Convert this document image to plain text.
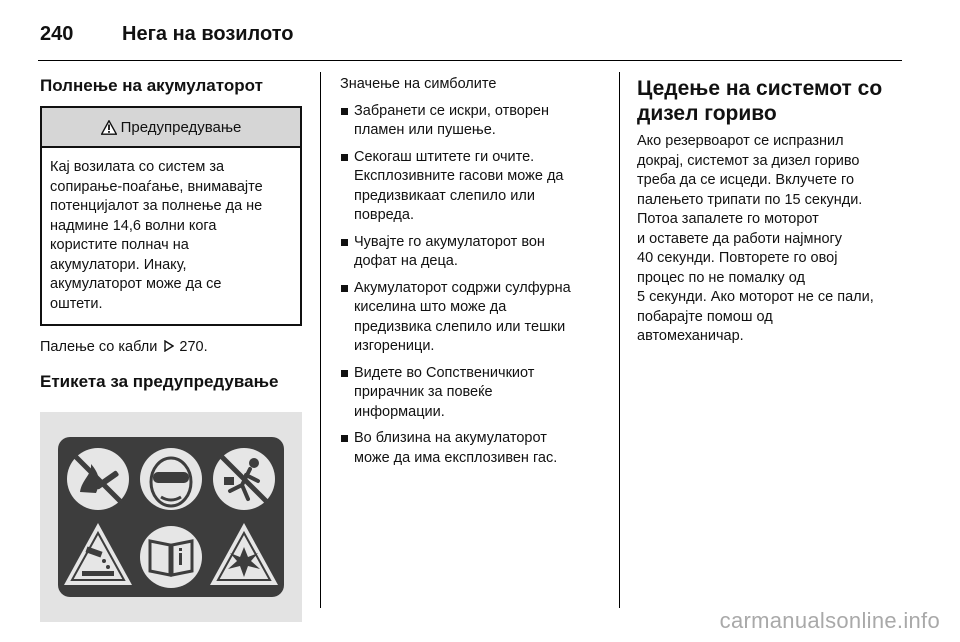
240	Нега на возилото
Полнење на акумулаторот
Предупредување
Кај возилата со систем за
сопирање-поаѓање, внимавајте
потенцијалот за полнење да не
надмине 14,6 волни кога
користите полнач на
акумулатори. Инаку,
акумулаторот може да се
оштети.

Палење со кабли 270.

Етикета за предупредување
Значење на симболите
Забранети се искри, отворен
пламен или пушење.
Секогаш штитете ги очите.
Експлозивните гасови може да
предизвикаат слепило или
повреда.
Чувајте го акумулаторот вон
дофат на деца.
Акумулаторот содржи сулфурна
киселина што може да
предизвика слепило или тешки
изгореници.
Видете во Сопственичкиот
прирачник за повеќе
информации.
Во близина на акумулаторот
може да има експлозивен гас.
Цедење на системот со
дизел гориво
Ако резервоарот се испразнил
докрај, системот за дизел гориво
треба да се исцеди. Вклучете го
палењето трипати по 15 секунди.
Потоа запалете го моторот
и оставете да работи најмногу
40 секунди. Повторете го овој
процес по не помалку од
5 секунди. Ако моторот не се пали,
побарајте помош од
автомеханичар.
carmanualsonline.info
